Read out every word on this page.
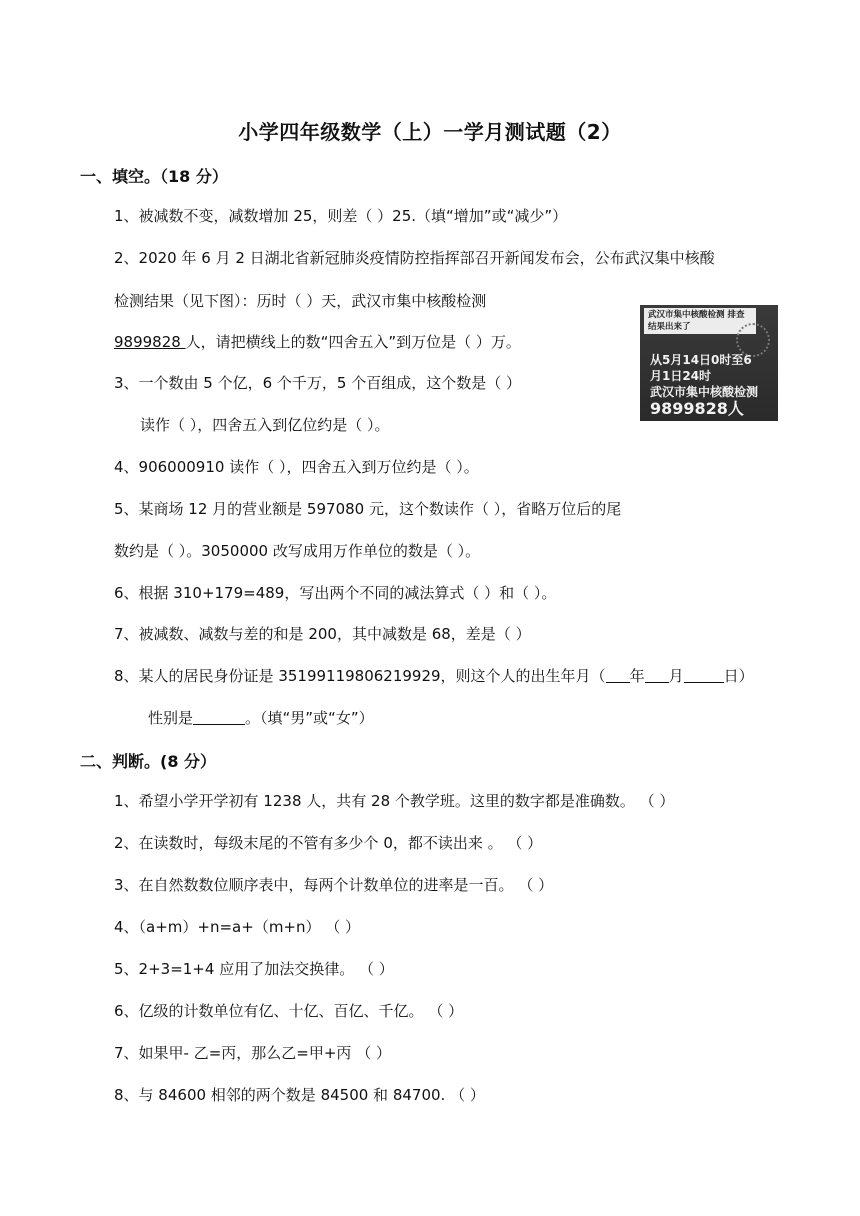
小学四年级数学（上）一学月测试题（2）
一、填空。（18 分）
1、被减数不变，减数增加 25，则差（ ）25.（填“增加”或“减少”）
2、2020 年 6 月 2 日湖北省新冠肺炎疫情防控指挥部召开新闻发布会，公布武汉集中核酸
检测结果（见下图）：历时（ ）天，武汉市集中核酸检测
9899828 人，请把横线上的数“四舍五入”到万位是（ ）万。
3、一个数由 5 个亿，6 个千万，5 个百组成，这个数是（ ）
读作（ ），四舍五入到亿位约是（ ）。
4、906000910 读作（ ），四舍五入到万位约是（ ）。
5、某商场 12 月的营业额是 597080 元，这个数读作（ ），省略万位后的尾
数约是（ ）。3050000 改写成用万作单位的数是（ ）。
6、根据 310+179=489，写出两个不同的减法算式（ ）和（ ）。
7、被减数、减数与差的和是 200，其中减数是 68，差是（ ）
8、某人的居民身份证是 35199119806219929，则这个人的出生年月（ 年 月	日）
性别是	。（填“男”或“女”）
二、判断。(8 分）
1、希望小学开学初有 1238 人，共有 28 个教学班。这里的数字都是准确数。 （ ）
2、在读数时，每级末尾的不管有多少个 0，都不读出来 。 （ ）
3、在自然数数位顺序表中，每两个计数单位的进率是一百。 （ ）
4、（a+m）+n=a+（m+n） （ ）
5、2+3=1+4 应用了加法交换律。 （ ）
6、亿级的计数单位有亿、十亿、百亿、千亿。 （ ）
7、如果甲- 乙=丙，那么乙=甲+丙 （ ）
8、与 84600 相邻的两个数是 84500 和 84700. （ ）
武汉市集中核酸检测 排查结果出来了
从5月14日0时至6
月1日24时
武汉市集中核酸检测
9899828人
